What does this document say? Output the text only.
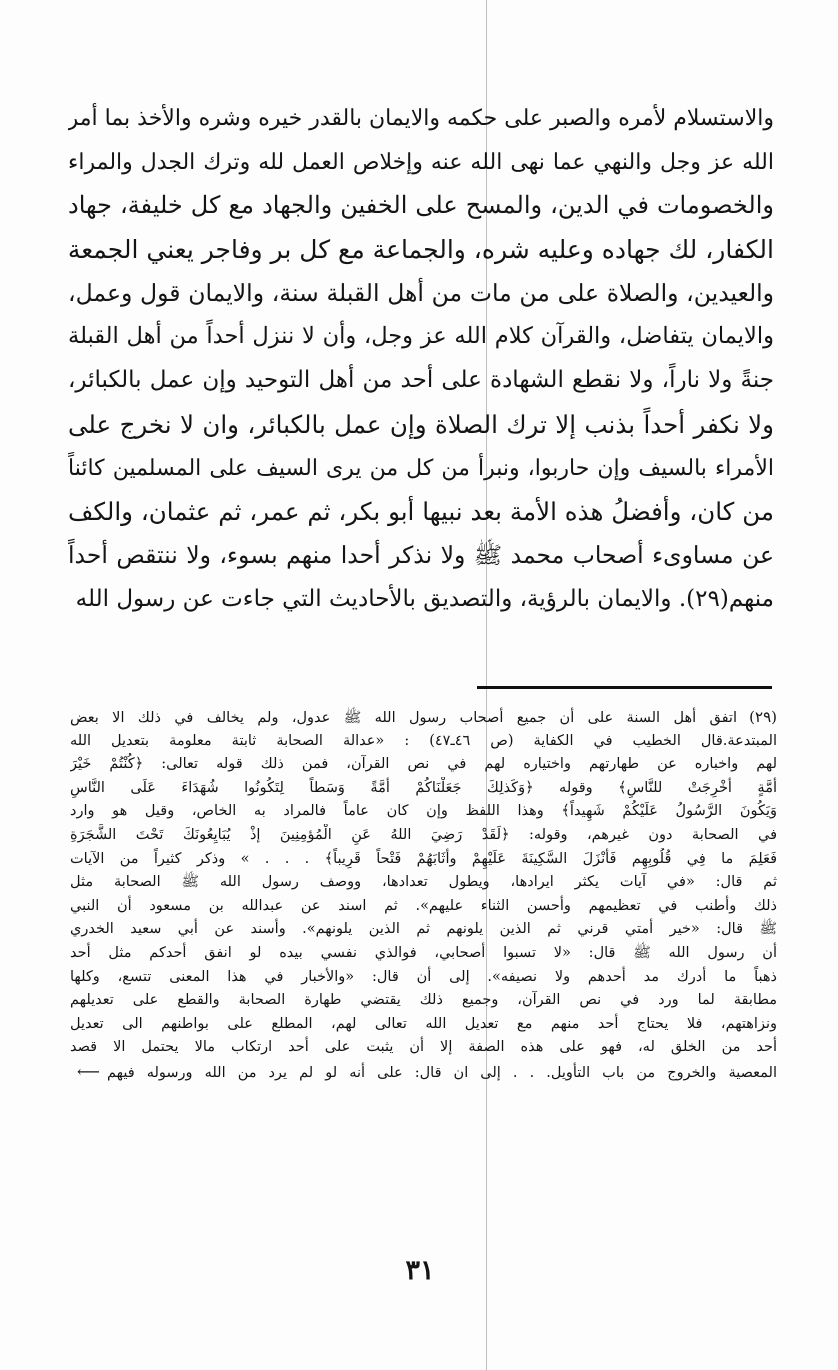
والاستسلام لأمره والصبر على حكمه والايمان بالقدر خيره وشره والأخذ بما أمر
الله عز وجل والنهي عما نهى الله عنه وإخلاص العمل لله وترك الجدل والمراء
والخصومات في الدين، والمسح على الخفين والجهاد مع كل خليفة، جهاد
الكفار، لك جهاده وعليه شره، والجماعة مع كل بر وفاجر يعني الجمعة
والعيدين، والصلاة على من مات من أهل القبلة سنة، والايمان قول وعمل،
والايمان يتفاضل، والقرآن كلام الله عز وجل، وأن لا ننزل أحداً من أهل القبلة
جنةً ولا ناراً، ولا نقطع الشهادة على أحد من أهل التوحيد وإن عمل بالكبائر،
ولا نكفر أحداً بذنب إلا ترك الصلاة وإن عمل بالكبائر، وان لا نخرج على
الأمراء بالسيف وإن حاربوا، ونبرأ من كل من يرى السيف على المسلمين كائناً
من كان، وأفضلُ هذه الأمة بعد نبيها أبو بكر، ثم عمر، ثم عثمان، والكف
عن مساوىء أصحاب محمد ﷺ ولا نذكر أحدا منهم بسوء، ولا ننتقص أحداً
منهم(٢٩). والايمان بالرؤية، والتصديق بالأحاديث التي جاءت عن رسول الله
(٢٩)اتفق أهل السنة على أن جميع أصحاب رسول الله ﷺ عدول، ولم يخالف في ذلك الا بعض
المبتدعة.قال الخطيب في الكفاية (ص ٤٦ـ٤٧) : «عدالة الصحابة ثابتة معلومة بتعديل الله
لهم واخباره عن طهارتهم واختياره لهم في نص القرآن، فمن ذلك قوله تعالى: ﴿كُنْتُمْ خَيْرَ
أُمَّةٍ أُخْرِجَتْ للنَّاسِ﴾ وقوله ﴿وَكَذلِكَ جَعَلْنَاكُمْ أمَّةً وَسَطاً لِتَكُونُوا شُهَدَاءَ عَلَى النَّاسِ
وَيَكُونَ الرَّسُولُ عَلَيْكُمْ شَهِيداً﴾ وهذا اللفظ وإن كان عاماً فالمراد به الخاص، وقيل هو وارد
في الصحابة دون غيرهم، وقوله: ﴿لَقَدْ رَضِيَ اللهُ عَنِ الْمُؤمِنِينَ إذْ يُبَايِعُونَكَ تَحْتَ الشَّجَرَةِ
فَعَلِمَ ما فِي قُلُوبِهِم فَأَنْزَلَ السَّكِينَةَ عَلَيْهِمْ وأَثَابَهُمْ فَتْحاً قَرِيباً﴾ . . . » وذكر كثيراً من الآيات
ثم قال: «في آيات يكثر ايرادها، ويطول تعدادها، ووصف رسول الله ﷺ الصحابة مثل
ذلك وأطنب في تعظيمهم وأحسن الثناء عليهم». ثم اسند عن عبدالله بن مسعود أن النبي
ﷺ قال: «خير أمتي قرني ثم الذين يلونهم ثم الذين يلونهم». وأسند عن أبي سعيد الخدري
أن رسول الله ﷺ قال: «لا تسبوا أصحابي، فوالذي نفسي بيده لو انفق أحدكم مثل أحد
ذهباً ما أدرك مد أحدهم ولا نصيفه». إلى أن قال: «والأخبار في هذا المعنى تتسع، وكلها
مطابقة لما ورد في نص القرآن، وجميع ذلك يقتضي طهارة الصحابة والقطع على تعديلهم
ونزاهتهم، فلا يحتاج أحد منهم مع تعديل الله تعالى لهم، المطلع على بواطنهم الى تعديل
أحد من الخلق له، فهو على هذه الصفة إلا أن يثبت على أحد ارتكاب مالا يحتمل الا قصد
المعصية والخروج من باب التأويل. . . إلى ان قال: على أنه لو لم يرد من الله ورسوله فيهم⟵
٣١
